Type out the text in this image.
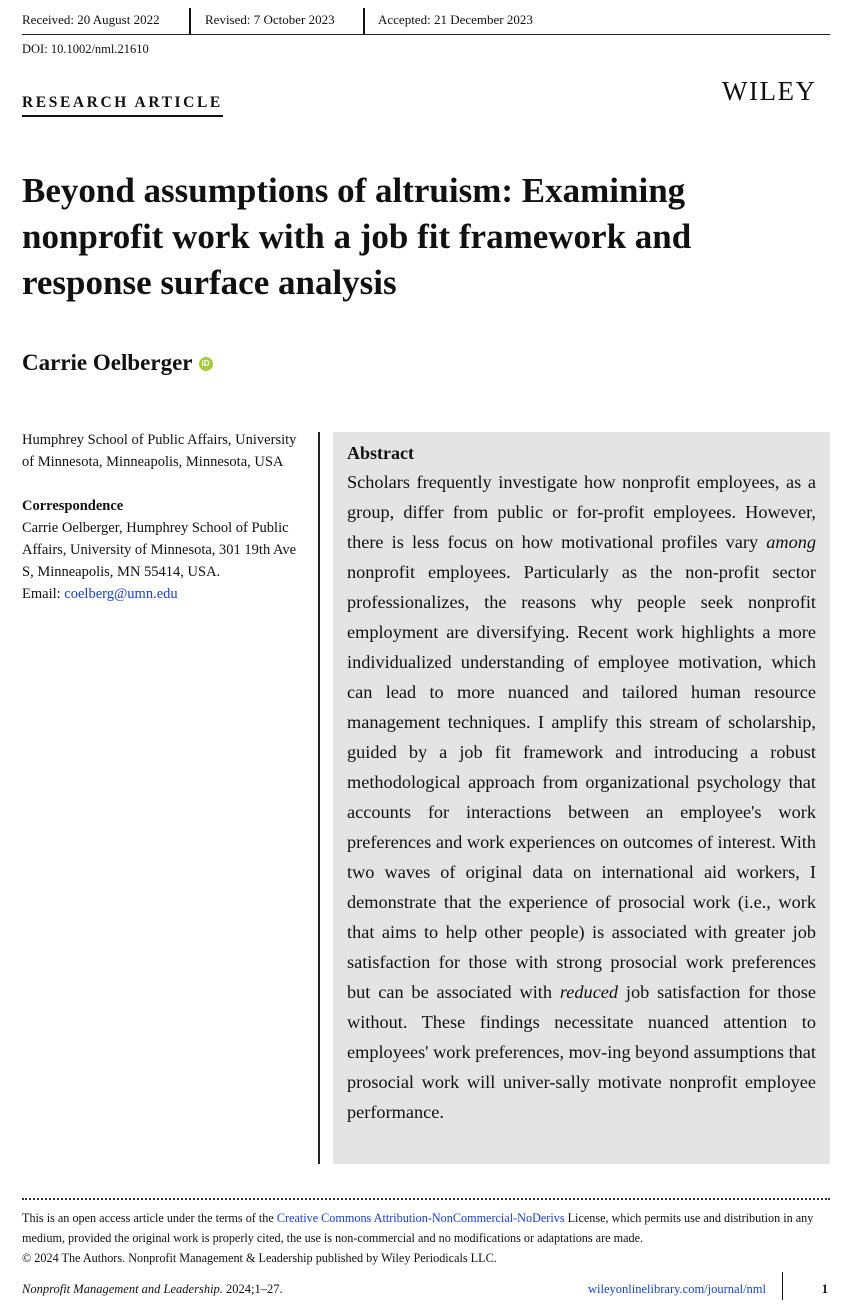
Received: 20 August 2022	Revised: 7 October 2023	Accepted: 21 December 2023
DOI: 10.1002/nml.21610
RESEARCH ARTICLE	WILEY
Beyond assumptions of altruism: Examining nonprofit work with a job fit framework and response surface analysis
Carrie Oelberger iD

Humphrey School of Public Affairs, University of Minnesota, Minneapolis, Minnesota, USA

Correspondence

Carrie Oelberger, Humphrey School of Public Affairs, University of Minnesota, 301 19th Ave S, Minneapolis, MN 55414, USA.

Email: coelberg@umn.edu

Abstract

Scholars frequently investigate how nonprofit employees, as a group, differ from public or for-profit employees. However, there is less focus on how motivational profiles vary among nonprofit employees. Particularly as the non-profit sector professionalizes, the reasons why people seek nonprofit employment are diversifying. Recent work highlights a more individualized understanding of employee motivation, which can lead to more nuanced and tailored human resource management techniques. I amplify this stream of scholarship, guided by a job fit framework and introducing a robust methodological approach from organizational psychology that accounts for interactions between an employee's work preferences and work experiences on outcomes of interest. With two waves of original data on international aid workers, I demonstrate that the experience of prosocial work (i.e., work that aims to help other people) is associated with greater job satisfaction for those with strong prosocial work preferences but can be associated with reduced job satisfaction for those without. These findings necessitate nuanced attention to employees' work preferences, mov-ing beyond assumptions that prosocial work will univer-sally motivate nonprofit employee performance.

This is an open access article under the terms of the Creative Commons Attribution-NonCommercial-NoDerivs License, which permits use and distribution in any medium, provided the original work is properly cited, the use is non-commercial and no modifications or adaptations are made.

© 2024 The Authors. Nonprofit Management & Leadership published by Wiley Periodicals LLC.

Nonprofit Management and Leadership. 2024;1–27.	wileyonlinelibrary.com/journal/nml	1
